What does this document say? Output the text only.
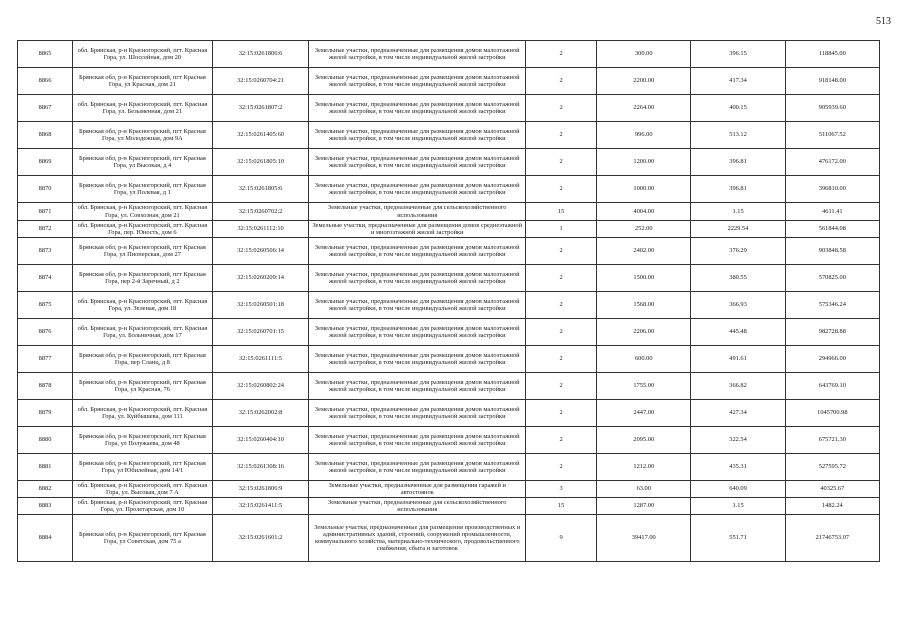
513
8865	обл. Брянская, р-н Красногорский, пгт. Красная Гора, ул. Шоссейная, дом 20	32:15:0261806:6	Земельные участки, предназначенные для размещения домов малоэтажной жилой застройки, в том числе индивидуальной жилой застройки	2	300.00	396.15	118845.00
8866	Брянская обл, р-н Красногорский, пгт Красная Гора, ул Красная, дом 21	32:15:0260704:21	Земельные участки, предназначенные для размещения домов малоэтажной жилой застройки, в том числе индивидуальной жилой застройки	2	2200.00	417.34	918148.00
8867	обл. Брянская, р-н Красногорский, пгт. Красная Гора, ул. Безыменная, дом 21	32:15:0261807:2	Земельные участки, предназначенные для размещения домов малоэтажной жилой застройки, в том числе индивидуальной жилой застройки	2	2264.00	400.15	905939.60
8868	Брянская обл, р-н Красногорский, пгт Красная Гора, ул Молодежная, дом 9А	32:15:0261405:60	Земельные участки, предназначенные для размещения домов малоэтажной жилой застройки, в том числе индивидуальной жилой застройки	2	996.00	513.12	511067.52
8869	Брянская обл, р-н Красногорский, пгт Красная Гора, ул Высокая, д 4	32:15:0261805:10	Земельные участки, предназначенные для размещения домов малоэтажной жилой застройки, в том числе индивидуальной жилой застройки	2	1200.00	396.81	476172.00
8870	Брянская обл, р-н Красногорский, пгт Красная Гора, ул Полевая, д 1	32:15:0261805:6	Земельные участки, предназначенные для размещения домов малоэтажной жилой застройки, в том числе индивидуальной жилой застройки	2	1000.00	396.81	396810.00
8871	обл. Брянская, р-н Красногорский, пгт. Красная Гора, ул. Совхозная, дом 21	32:15:0260702:2	Земельные участки, предназначенные для сельскохозяйственного использования	15	4004.00	1.15	4611.41
8872	обл. Брянская, р-н Красногорский, пгт. Красная Гора, пер. Юность, дом 6	32:15:0261112:10	Земельные участки, предназначенные для размещения домов среднеэтажной и многоэтажной жилой застройки	1	252.00	2229.54	561844.08
8873	Брянская обл, р-н Красногорский, пгт Красная Гора, ул Пионерская, дом 27	32:15:0260506:14	Земельные участки, предназначенные для размещения домов малоэтажной жилой застройки, в том числе индивидуальной жилой застройки	2	2402.00	376.29	903848.58
8874	Брянская обл, р-н Красногорский, пгт Красная Гора, пер 2-й Заречный, д 2	32:15:0260209:14	Земельные участки, предназначенные для размещения домов малоэтажной жилой застройки, в том числе индивидуальной жилой застройки	2	1500.00	380.55	570825.00
8875	обл. Брянская, р-н Красногорский, пгт. Красная Гора, ул. Зеленая, дом 18	32:15:0260501:18	Земельные участки, предназначенные для размещения домов малоэтажной жилой застройки, в том числе индивидуальной жилой застройки	2	1568.00	366.93	575346.24
8876	обл. Брянская, р-н Красногорский, пгт. Красная Гора, ул. Больничная, дом 17	32:15:0260701:15	Земельные участки, предназначенные для размещения домов малоэтажной жилой застройки, в том числе индивидуальной жилой застройки	2	2206.00	445.48	982728.88
8877	Брянская обл, р-н Красногорский, пгт Красная Гора, пер Сланц, д 8	32:15:0261111:5	Земельные участки, предназначенные для размещения домов малоэтажной жилой застройки, в том числе индивидуальной жилой застройки	2	600.00	491.61	294966.00
8878	Брянская обл, р-н Красногорский, пгт Красная Гора, ул Красная, 76	32:15:0260802:24	Земельные участки, предназначенные для размещения домов малоэтажной жилой застройки, в том числе индивидуальной жилой застройки	2	1755.00	366.82	643769.10
8879	обл. Брянская, р-н Красногорский, пгт. Красная Гора, ул. Куйбышева, дом 111	32:15:0262002:8	Земельные участки, предназначенные для размещения домов малоэтажной жилой застройки, в том числе индивидуальной жилой застройки	2	2447.00	427.34	1045700.98
8880	Брянская обл, р-н Красногорский, пгт Красная Гора, ул Полужаева, дом 48	32:15:0260404:10	Земельные участки, предназначенные для размещения домов малоэтажной жилой застройки, в том числе индивидуальной жилой застройки	2	2095.00	322.54	675721.30
8881	Брянская обл, р-н Красногорский, пгт Красная Гора, ул Юбилейная, дом 14/1	32:15:0261308:16	Земельные участки, предназначенные для размещения домов малоэтажной жилой застройки, в том числе индивидуальной жилой застройки	2	1212.00	435.31	527595.72
8882	обл. Брянская, р-н Красногорский, пгт. Красная Гора, ул. Высокая, дом 7 А	32:15:0261806:9	Земельные участки, предназначенные для размещения гаражей и автостоянок	3	63.00	640.09	40325.67
8883	обл. Брянская, р-н Красногорский, пгт. Красная Гора, ул. Пролетарская, дом 10	32:15:0261411:5	Земельные участки, предназначенные для сельскохозяйственного использования	15	1287.00	1.15	1482.24
8884	Брянская обл, р-н Красногорский, пгт Красная Гора, ул Советская, дом 75 а	32:15:0261601:2	Земельные участки, предназначенные для размещения производственных и административных зданий, строений, сооружений промышленности, коммунального хозяйства, материально-технического, продовольственного снабжения, сбыта и заготовок	9	39417.00	551.71	21746753.07
